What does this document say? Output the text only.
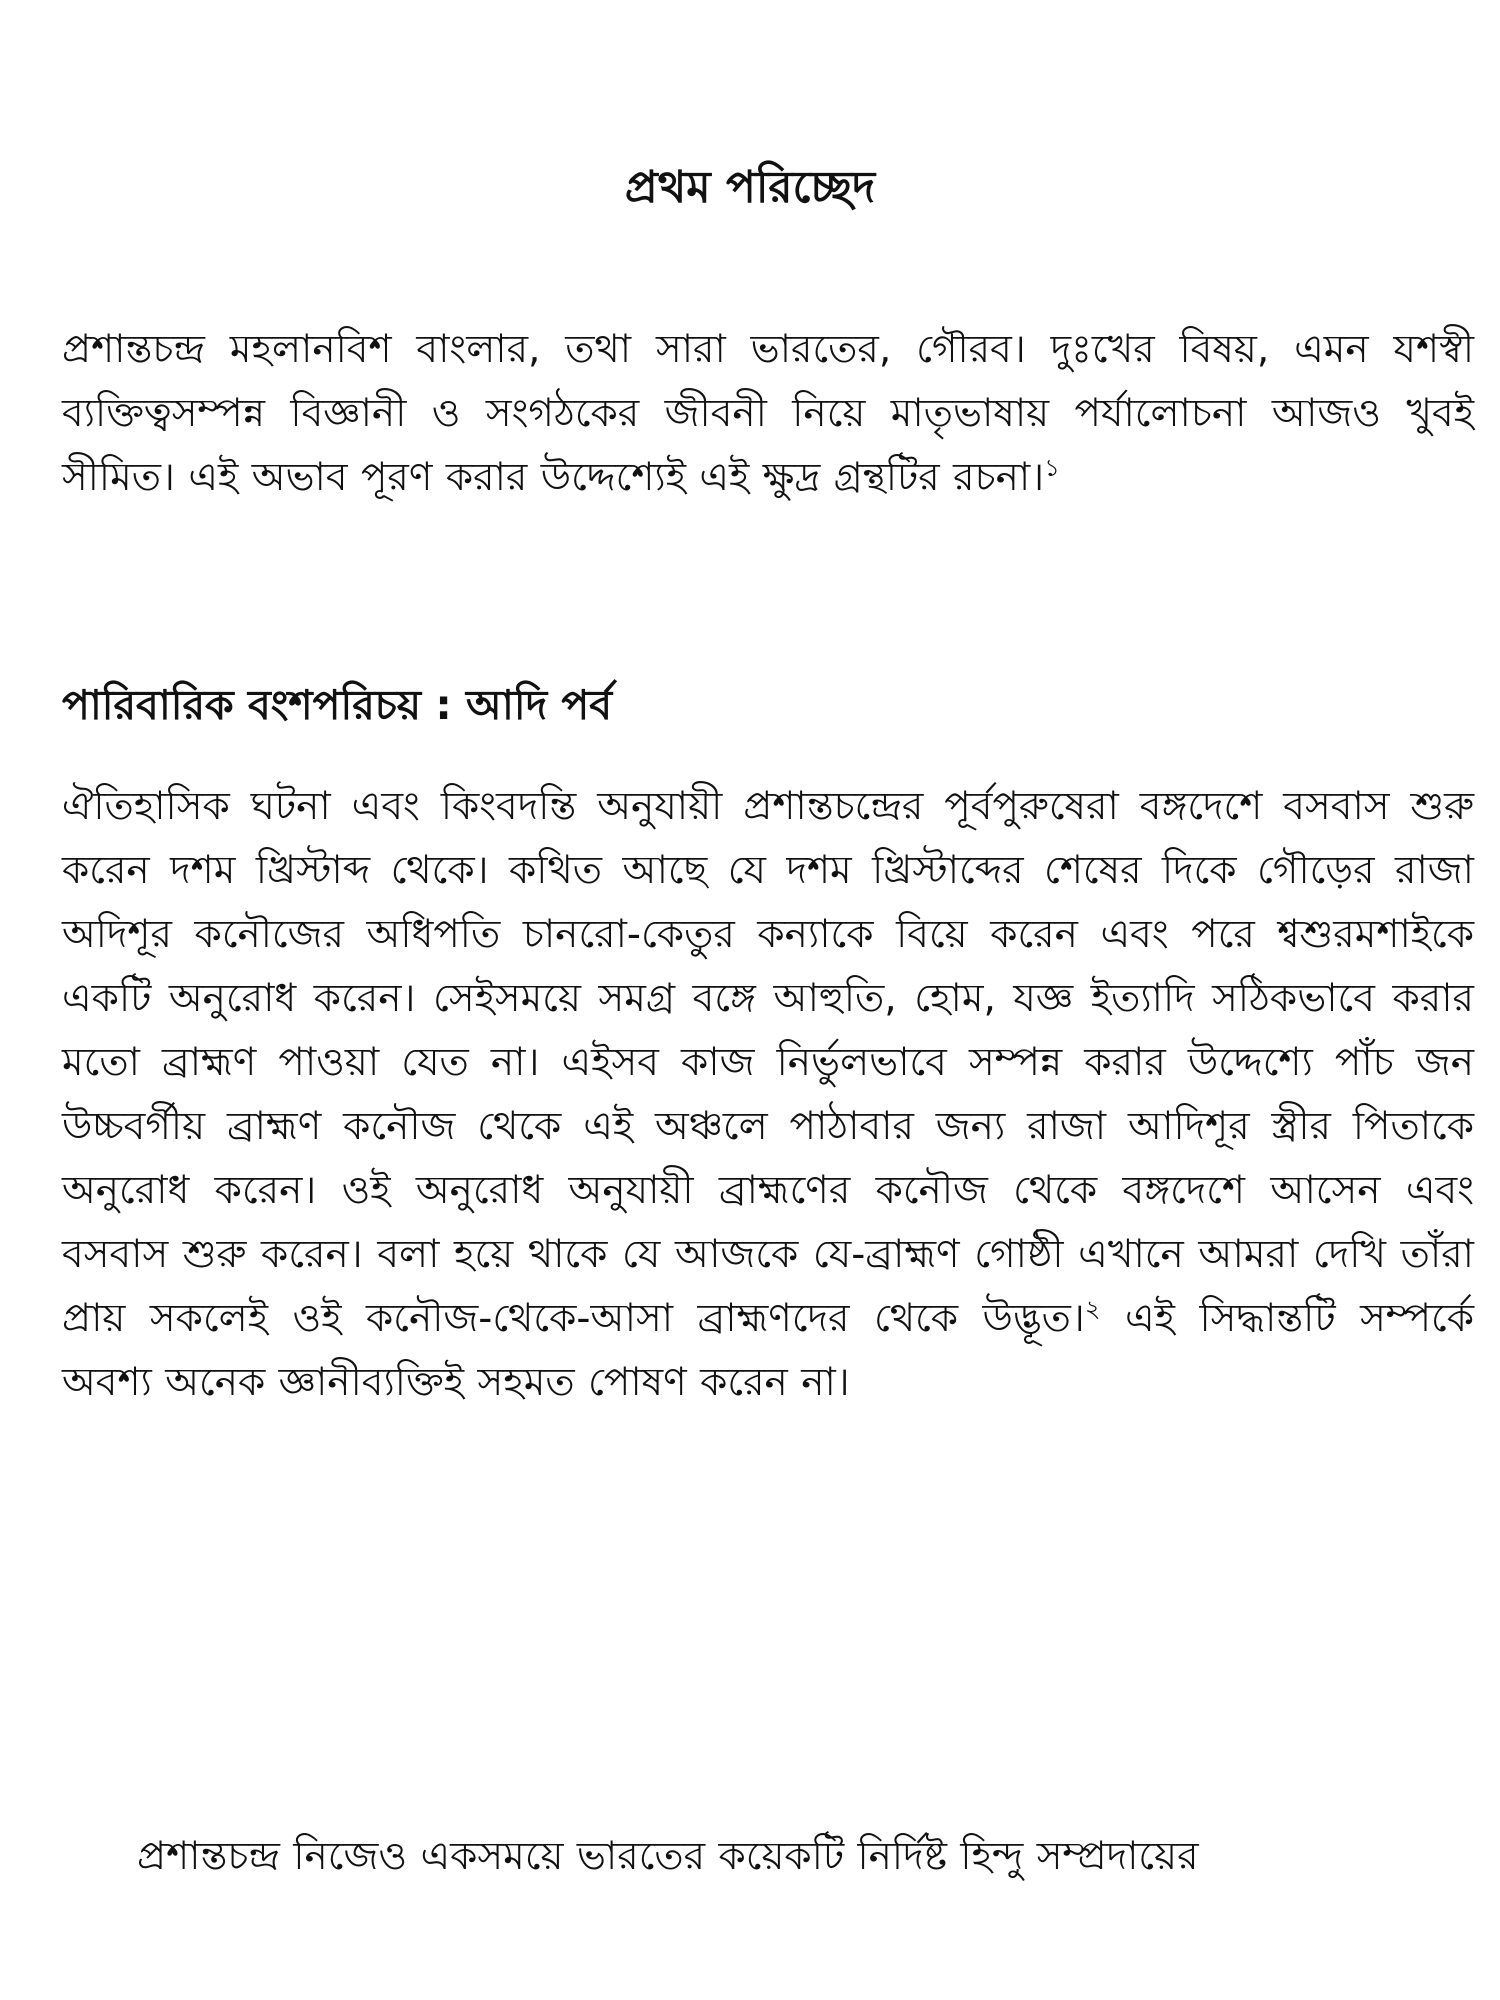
প্রথম পরিচ্ছেদ

প্রশান্তচন্দ্র মহলানবিশ বাংলার, তথা সারা ভারতের, গৌরব। দুঃখের বিষয়, এমন যশস্বী ব্যক্তিত্বসম্পন্ন বিজ্ঞানী ও সংগঠকের জীবনী নিয়ে মাতৃভাষায় পর্যালোচনা আজও খুবই সীমিত। এই অভাব পূরণ করার উদ্দেশ্যেই এই ক্ষুদ্র গ্রন্থটির রচনা।$^১$

পারিবারিক বংশপরিচয় : আদি পর্ব

ঐতিহাসিক ঘটনা এবং কিংবদন্তি অনুযায়ী প্রশান্তচন্দ্রের পূর্বপুরুষেরা বঙ্গদেশে বসবাস শুরু করেন দশম খ্রিস্টাব্দ থেকে। কথিত আছে যে দশম খ্রিস্টাব্দের শেষের দিকে গৌড়ের রাজা অদিশূর কনৌজের অধিপতি চানরো-কেতুর কন্যাকে বিয়ে করেন এবং পরে শ্বশুরমশাইকে একটি অনুরোধ করেন। সেইসময়ে সমগ্র বঙ্গে আহুতি, হোম, যজ্ঞ ইত্যাদি সঠিকভাবে করার মতো ব্রাহ্মণ পাওয়া যেত না। এইসব কাজ নির্ভুলভাবে সম্পন্ন করার উদ্দেশ্যে পাঁচ জন উচ্চবর্গীয় ব্রাহ্মণ কনৌজ থেকে এই অঞ্চলে পাঠাবার জন্য রাজা আদিশূর স্ত্রীর পিতাকে অনুরোধ করেন। ওই অনুরোধ অনুযায়ী ব্রাহ্মণের কনৌজ থেকে বঙ্গদেশে আসেন এবং বসবাস শুরু করেন। বলা হয়ে থাকে যে আজকে যে-ব্রাহ্মণ গোষ্ঠী এখানে আমরা দেখি তাঁরা প্রায় সকলেই ওই কনৌজ-থেকে-আসা ব্রাহ্মণদের থেকে উদ্ভূত।$^২$ এই সিদ্ধান্তটি সম্পর্কে অবশ্য অনেক জ্ঞানীব্যক্তিই সহমত পোষণ করেন না।

প্রশান্তচন্দ্র নিজেও একসময়ে ভারতের কয়েকটি নির্দিষ্ট হিন্দু সম্প্রদায়ের
